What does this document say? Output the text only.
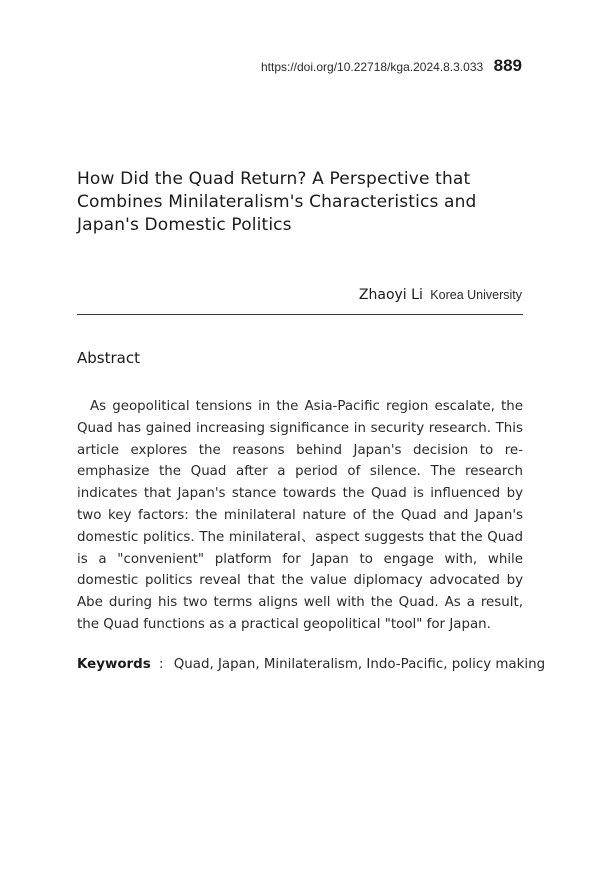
https://doi.org/10.22718/kga.2024.8.3.033 889
How Did the Quad Return? A Perspective that Combines Minilateralism's Characteristics and Japan's Domestic Politics
Zhaoyi Li Korea University
Abstract

As geopolitical tensions in the Asia-Pacific region escalate, the Quad has gained increasing significance in security research. This article explores the reasons behind Japan's decision to re-emphasize the Quad after a period of silence. The research indicates that Japan's stance towards the Quad is influenced by two key factors: the minilateral nature of the Quad and Japan's domestic politics. The minilateral、aspect suggests that the Quad is a "convenient" platform for Japan to engage with, while domestic politics reveal that the value diplomacy advocated by Abe during his two terms aligns well with the Quad. As a result, the Quad functions as a practical geopolitical "tool" for Japan.

Keywords : Quad, Japan, Minilateralism, Indo-Pacific, policy making
